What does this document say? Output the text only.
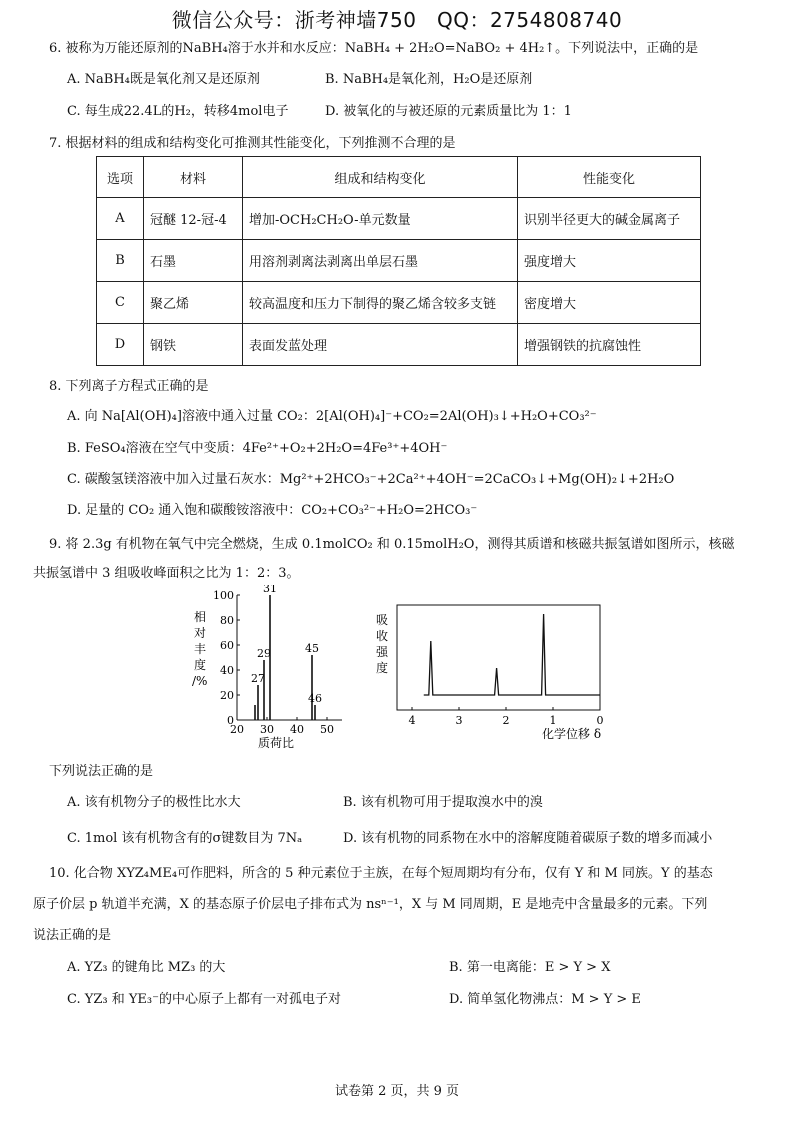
微信公众号：浙考神墙750　QQ：2754808740
6. 被称为万能还原剂的NaBH₄溶于水并和水反应：NaBH₄ + 2H₂O=NaBO₂ + 4H₂↑。下列说法中，正确的是
A. NaBH₄既是氧化剂又是还原剂	B. NaBH₄是氧化剂，H₂O是还原剂
C. 每生成22.4L的H₂，转移4mol电子	D. 被氧化的与被还原的元素质量比为 1：1
7. 根据材料的组成和结构变化可推测其性能变化，下列推测不合理的是
选项	材料	组成和结构变化	性能变化
A	冠醚 12-冠-4	增加-OCH₂CH₂O-单元数量	识别半径更大的碱金属离子
B	石墨	用溶剂剥离法剥离出单层石墨	强度增大
C	聚乙烯	较高温度和压力下制得的聚乙烯含较多支链	密度增大
D	钢铁	表面发蓝处理	增强钢铁的抗腐蚀性
8. 下列离子方程式正确的是
A. 向 Na[Al(OH)₄]溶液中通入过量 CO₂：2[Al(OH)₄]⁻+CO₂=2Al(OH)₃↓+H₂O+CO₃²⁻
B. FeSO₄溶液在空气中变质：4Fe²⁺+O₂+2H₂O=4Fe³⁺+4OH⁻
C. 碳酸氢镁溶液中加入过量石灰水：Mg²⁺+2HCO₃⁻+2Ca²⁺+4OH⁻=2CaCO₃↓+Mg(OH)₂↓+2H₂O
D. 足量的 CO₂ 通入饱和碳酸铵溶液中：CO₂+CO₃²⁻+H₂O=2HCO₃⁻
9. 将 2.3g 有机物在氧气中完全燃烧，生成 0.1molCO₂ 和 0.15molH₂O，测得其质谱和核磁共振氢谱如图所示，核磁
共振氢谱中 3 组吸收峰面积之比为 1：2：3。
0
20
40
60
80
100
20 30 40 50
27
29
31
45
46
相
对
丰
度
/%
质荷比
4	3	2	1	0
吸
收
强
度
化学位移 δ
下列说法正确的是
A. 该有机物分子的极性比水大	B. 该有机物可用于提取溴水中的溴
C. 1mol 该有机物含有的σ键数目为 7Nₐ	D. 该有机物的同系物在水中的溶解度随着碳原子数的增多而减小
10. 化合物 XYZ₄ME₄可作肥料，所含的 5 种元素位于主族，在每个短周期均有分布，仅有 Y 和 M 同族。Y 的基态
原子价层 p 轨道半充满，X 的基态原子价层电子排布式为 nsⁿ⁻¹，X 与 M 同周期，E 是地壳中含量最多的元素。下列
说法正确的是
A. YZ₃ 的键角比 MZ₃ 的大	B. 第一电离能：E > Y > X
C. YZ₃ 和 YE₃⁻的中心原子上都有一对孤电子对	D. 简单氢化物沸点：M > Y > E
试卷第 2 页，共 9 页
